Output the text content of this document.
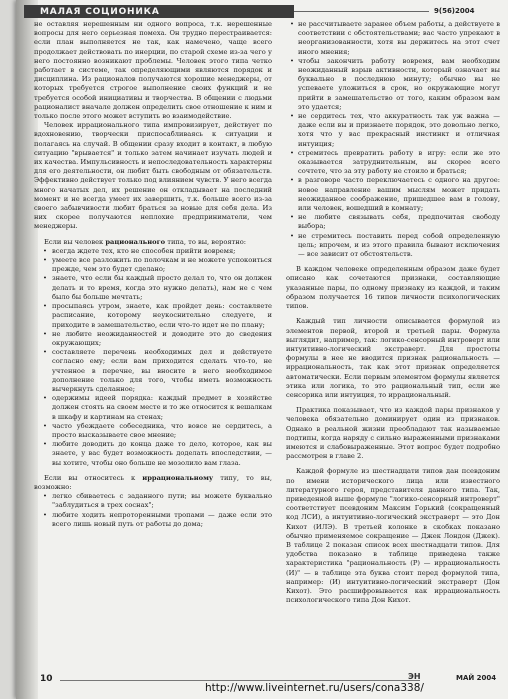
МАЛАЯ СОЦИОНИКА	9(56)2004

не оставляя нерешенным ни одного вопроса, т.к. нерешенные вопросы для него серьезная помеха. Он трудно перестраивается: если план выполняется не так, как намечено, чаще всего продолжает действовать по инерции, по старой схеме из-за чего у него постоянно возникают проблемы. Человек этого типа четко работает в системе, так определяющими являются порядок и дисциплина. Из рационалов получаются хорошие менеджеры, от которых требуется строгое выполнение своих функций и не требуется особой инициативы и творчества. В общении с людьми рационалист вначале должен определить свое отношение к ним и только после этого может вступить во взаимодействие.

Человек иррационального типа импровизирует, действует по вдохновению, творчески приспосабливаясь к ситуации и полагаясь на случай. В общении сразу входит в контакт, в любую ситуацию "врывается" и только затем начинает изучать людей и их качества. Импульсивность и непоследовательность характерны для его деятельности, он любит быть свободным от обязательств. Эффективно действует только под влиянием чувств. У него всегда много начатых дел, их решение он откладывает на последний момент и не всегда умеет их завершить, т.к. больше всего из-за своего забывчивости любит браться за новые для себя дела. Из них скорее получаются неплохие предприниматели, чем менеджеры.

Если вы человек рационального типа, то вы, вероятно:

• всегда ждете тех, кто не способен прийти вовремя;
• умеете все разложить по полочкам и не можете успокоиться прежде, чем это будет сделано;
• знаете, что если бы каждый просто делал то, что он должен делать и то время, когда это нужно делать), нам не с чем было бы больше мечтать;
• просыпаясь утром, знаете, как пройдет день: составляете расписание, которому неукоснительно следуете, и приходите в замешательство, если что-то идет не по плану;
• не любите неожиданностей и доводите это до сведения окружающих;
• составляете перечень необходимых дел и действуете согласно ему; если вам приходится сделать что-то, не учтенное в перечне, вы вносите в него необходимое дополнение только для того, чтобы иметь возможность вычеркнуть сделанное;
• одержимы идеей порядка: каждый предмет в хозяйстве должен стоять на своем месте и то же относится к вешалкам в шкафу и картинам на стенах;
• часто убеждаете собеседника, что вовсе не сердитесь, а просто высказываете свое мнение;
• любите доводить до конца даже то дело, которое, как вы знаете, у вас будет возможность доделать впоследствии, — вы хотите, чтобы оно больше не мозолило вам глаза.

Если вы относитесь к иррациональному типу, то вы, возможно:

• легко сбиваетесь с заданного пути; вы можете буквально "заблудиться в трех соснах";
• любите ходить непроторенными тропами — даже если это всего лишь новый путь от работы до дома;
• не рассчитываете заранее объем работы, а действуете в соответствии с обстоятельствами; вас часто упрекают в неорганизованности, хотя вы держитесь на этот счет иного мнения;
• чтобы закончить работу вовремя, вам необходим неожиданный взрыв активности, который означает вы буквально в последнюю минуту; обычно вы не успеваете уложиться в срок, но окружающие могут прийти в замешательство от того, каким образом вам это удается;
• не сердитесь тех, что аккуратность так уж важна — даже если вы и признаете порядок, это довольно легко, хотя что у вас прекрасный инстинкт и отличная интуиция;
• стремитесь превратить работу в игру: если же это оказывается затруднительным, вы скорее всего сочтете, что за эту работу не стоило и браться;
• в разговоре часто переключаетесь с одного на другое: новое направление вашим мыслям может придать неожиданное соображение, пришедшее вам в голову, или человек, вошедший в комнату;
• не любите связывать себя, предпочитая свободу выбора;
• не стремитесь поставить перед собой определенную цель; впрочем, и из этого правила бывают исключения — все зависит от обстоятельств.

В каждом человеке определенным образом даже будет описано как сочетаются признаки, составляющие указанные пары, по одному признаку из каждой, и таким образом получается 16 типов личности психологических типов.

Каждый тип личности описывается формулой из элементов первой, второй и третьей пары. Формула выглядит, например, так: логико-сенсорный интроверт или интуитивно-логический экстраверт. Для простоты формулы в нее не вводится признак рациональность — иррациональность, так как этот признак определяется автоматически. Если первым элементом формулы является этика или логика, то это рациональный тип, если же сенсорика или интуиция, то иррациональный.

Практика показывает, что из каждой пары признаков у человека обязательно доминирует один из признаков. Однако в реальной жизни преобладают так называемые подтипы, когда наряду с сильно выраженными признаками имеются и слабовыраженные. Этот вопрос будет подробно рассмотрен в главе 2.

Каждой формуле из шестнадцати типов дан псевдоним по имени исторического лица или известного литературного героя, представителя данного типа. Так, приведенной выше формуле "логико-сенсорный интроверт" соответствует псевдоним Максим Горький (сокращенный код ЛСИ), а интуитивно-логический экстраверт — это Дон Кихот (ИЛЭ). В третьей колонке в скобках показано обычно применяемое сокращение — Джек Лондон (Джек). В таблице 2 показан список всех шестнадцати типов. Для удобства показано в таблице приведена также характеристика "рациональность (Р) — иррациональность (И)" — в таблице эта буква стоит перед формулой типа, например: (И) интуитивно-логический экстраверт (Дон Кихот). Это расшифровывается как иррациональность психологического типа Дон Кихот.

10	ЭН	МАЙ 2004
http://www.liveinternet.ru/users/cona338/
